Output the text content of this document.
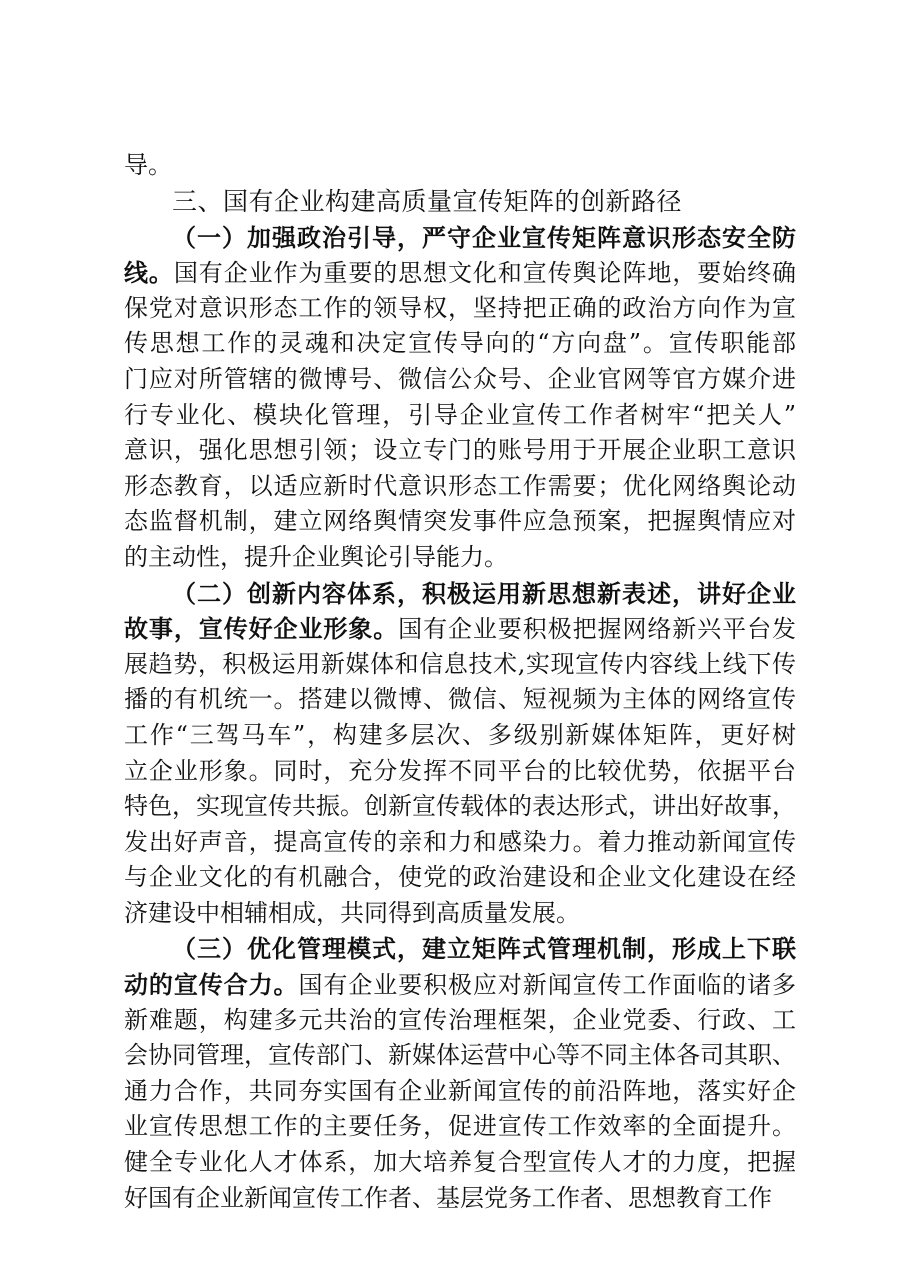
导。
三、国有企业构建高质量宣传矩阵的创新路径
（一）加强政治引导，严守企业宣传矩阵意识形态安全防
线。国有企业作为重要的思想文化和宣传舆论阵地，要始终确
保党对意识形态工作的领导权，坚持把正确的政治方向作为宣
传思想工作的灵魂和决定宣传导向的“方向盘”。宣传职能部
门应对所管辖的微博号、微信公众号、企业官网等官方媒介进
行专业化、模块化管理，引导企业宣传工作者树牢“把关人”
意识，强化思想引领；设立专门的账号用于开展企业职工意识
形态教育，以适应新时代意识形态工作需要；优化网络舆论动
态监督机制，建立网络舆情突发事件应急预案，把握舆情应对
的主动性，提升企业舆论引导能力。
（二）创新内容体系，积极运用新思想新表述，讲好企业
故事，宣传好企业形象。国有企业要积极把握网络新兴平台发
展趋势，积极运用新媒体和信息技术,实现宣传内容线上线下传
播的有机统一。搭建以微博、微信、短视频为主体的网络宣传
工作“三驾马车”，构建多层次、多级别新媒体矩阵，更好树
立企业形象。同时，充分发挥不同平台的比较优势，依据平台
特色，实现宣传共振。创新宣传载体的表达形式，讲出好故事，
发出好声音，提高宣传的亲和力和感染力。着力推动新闻宣传
与企业文化的有机融合，使党的政治建设和企业文化建设在经
济建设中相辅相成，共同得到高质量发展。
（三）优化管理模式，建立矩阵式管理机制，形成上下联
动的宣传合力。国有企业要积极应对新闻宣传工作面临的诸多
新难题，构建多元共治的宣传治理框架，企业党委、行政、工
会协同管理，宣传部门、新媒体运营中心等不同主体各司其职、
通力合作，共同夯实国有企业新闻宣传的前沿阵地，落实好企
业宣传思想工作的主要任务，促进宣传工作效率的全面提升。
健全专业化人才体系，加大培养复合型宣传人才的力度，把握
好国有企业新闻宣传工作者、基层党务工作者、思想教育工作
